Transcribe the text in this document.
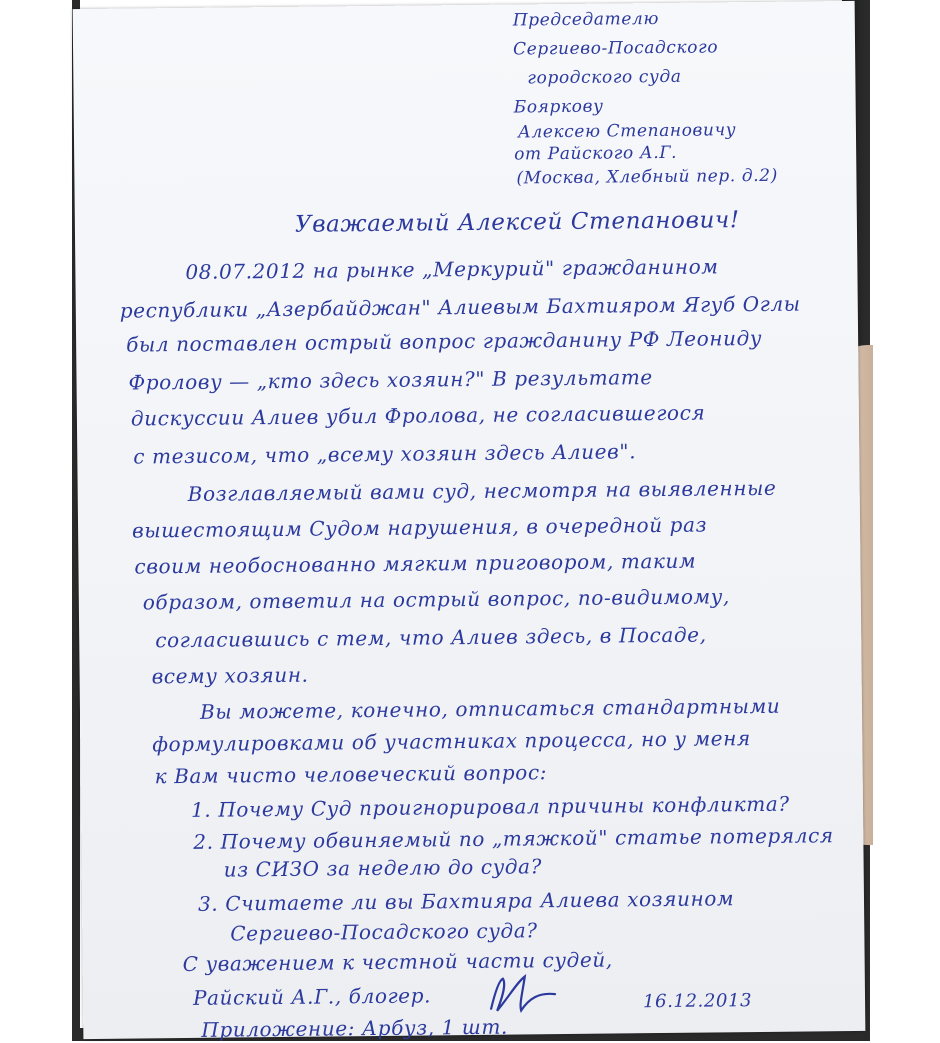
Председателю
Сергиево-Посадского
городского суда
Бояркову
Алексею Степановичу
от Райского А.Г.
(Москва, Хлебный пер. д.2)
Уважаемый Алексей Степанович!
08.07.2012 на рынке „Меркурий" гражданином
республики „Азербайджан" Алиевым Бахтияром Ягуб Оглы
был поставлен острый вопрос гражданину РФ Леониду
Фролову — „кто здесь хозяин?" В результате
дискуссии Алиев убил Фролова, не согласившегося
с тезисом, что „всему хозяин здесь Алиев".
Возглавляемый вами суд, несмотря на выявленные
вышестоящим Судом нарушения, в очередной раз
своим необоснованно мягким приговором, таким
образом, ответил на острый вопрос, по-видимому,
согласившись с тем, что Алиев здесь, в Посаде,
всему хозяин.
Вы можете, конечно, отписаться стандартными
формулировками об участниках процесса, но у меня
к Вам чисто человеческий вопрос:
1. Почему Суд проигнорировал причины конфликта?
2. Почему обвиняемый по „тяжкой" статье потерялся
из СИЗО за неделю до суда?
3. Считаете ли вы Бахтияра Алиева хозяином
Сергиево-Посадского суда?
С уважением к честной части судей,
Райский А.Г., блогер.	16.12.2013
Приложение: Арбуз, 1 шт.
